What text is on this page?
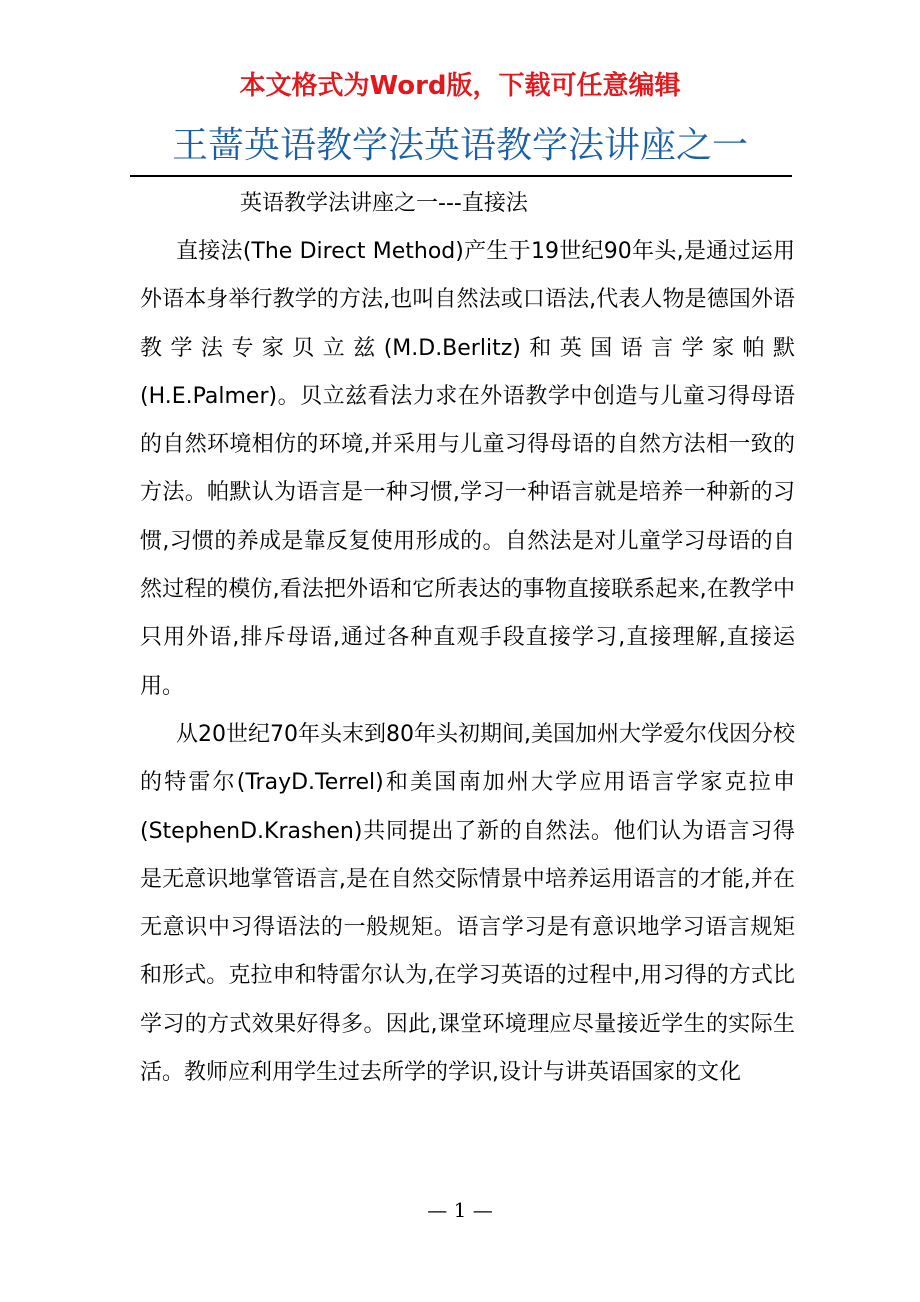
本文格式为Word版，下载可任意编辑
王蔷英语教学法英语教学法讲座之一

英语教学法讲座之一---直接法

直接法(The Direct Method)产生于19世纪90年头,是通过运用外语本身举行教学的方法,也叫自然法或口语法,代表人物是德国外语教学法专家贝立兹(M.D.Berlitz)和英国语言学家帕默(H.E.Palmer)。贝立兹看法力求在外语教学中创造与儿童习得母语的自然环境相仿的环境,并采用与儿童习得母语的自然方法相一致的方法。帕默认为语言是一种习惯,学习一种语言就是培养一种新的习惯,习惯的养成是靠反复使用形成的。自然法是对儿童学习母语的自然过程的模仿,看法把外语和它所表达的事物直接联系起来,在教学中只用外语,排斥母语,通过各种直观手段直接学习,直接理解,直接运用。

从20世纪70年头末到80年头初期间,美国加州大学爱尔伐因分校的特雷尔(TrayD.Terrel)和美国南加州大学应用语言学家克拉申(StephenD.Krashen)共同提出了新的自然法。他们认为语言习得是无意识地掌管语言,是在自然交际情景中培养运用语言的才能,并在无意识中习得语法的一般规矩。语言学习是有意识地学习语言规矩和形式。克拉申和特雷尔认为,在学习英语的过程中,用习得的方式比学习的方式效果好得多。因此,课堂环境理应尽量接近学生的实际生活。教师应利用学生过去所学的学识,设计与讲英语国家的文化

— 1 —
